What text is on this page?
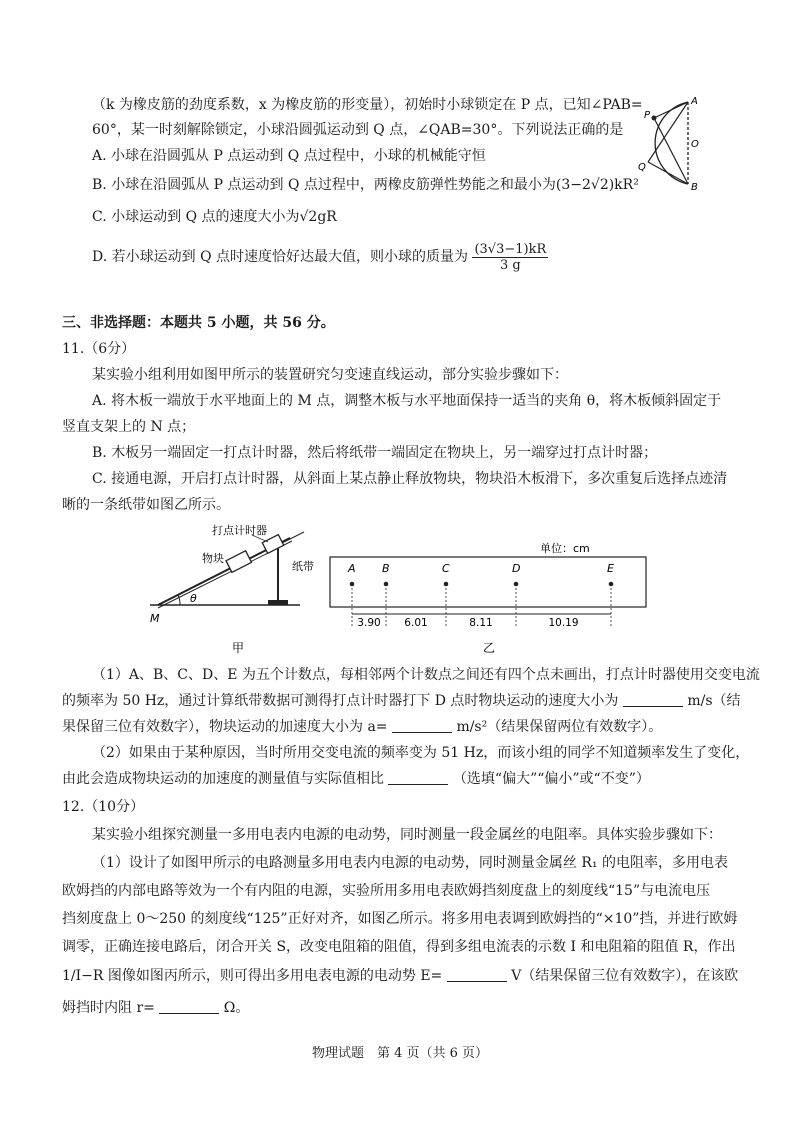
（k 为橡皮筋的劲度系数，x 为橡皮筋的形变量），初始时小球锁定在 P 点，已知∠PAB=
60°，某一时刻解除锁定，小球沿圆弧运动到 Q 点，∠QAB=30°。下列说法正确的是
A. 小球在沿圆弧从 P 点运动到 Q 点过程中，小球的机械能守恒
B. 小球在沿圆弧从 P 点运动到 Q 点过程中，两橡皮筋弹性势能之和最小为(3−2√2)kR²
C. 小球运动到 Q 点的速度大小为√2gR
D. 若小球运动到 Q 点时速度恰好达最大值，则小球的质量为 $\frac{(3√3-1)kR}{3 g}$
A
P
O
Q
B
三、非选择题：本题共 5 小题，共 56 分。
11.（6分）
某实验小组利用如图甲所示的装置研究匀变速直线运动，部分实验步骤如下：
A. 将木板一端放于水平地面上的 M 点，调整木板与水平地面保持一适当的夹角 θ，将木板倾斜固定于
竖直支架上的 N 点；
B. 木板另一端固定一打点计时器，然后将纸带一端固定在物块上，另一端穿过打点计时器；
C. 接通电源，开启打点计时器，从斜面上某点静止释放物块，物块沿木板滑下，多次重复后选择点迹清
晰的一条纸带如图乙所示。
θ
M
打点计时器
物块
纸带
甲
单位：cm
A B	C	D	E
3.90 6.01	8.11	10.19
乙
（1）A、B、C、D、E 为五个计数点，每相邻两个计数点之间还有四个点未画出，打点计时器使用交变电流
的频率为 50 Hz，通过计算纸带数据可测得打点计时器打下 D 点时物块运动的速度大小为	m/s（结
果保留三位有效数字），物块运动的加速度大小为 a=	m/s²（结果保留两位有效数字）。
（2）如果由于某种原因，当时所用交变电流的频率变为 51 Hz，而该小组的同学不知道频率发生了变化，
由此会造成物块运动的加速度的测量值与实际值相比	（选填“偏大”“偏小”或“不变”）
12.（10分）
某实验小组探究测量一多用电表内电源的电动势，同时测量一段金属丝的电阻率。具体实验步骤如下：
（1）设计了如图甲所示的电路测量多用电表内电源的电动势，同时测量金属丝 R₁ 的电阻率，多用电表
欧姆挡的内部电路等效为一个有内阻的电源，实验所用多用电表欧姆挡刻度盘上的刻度线“15”与电流电压
挡刻度盘上 0～250 的刻度线“125”正好对齐，如图乙所示。将多用电表调到欧姆挡的“×10”挡，并进行欧姆
调零，正确连接电路后，闭合开关 S，改变电阻箱的阻值，得到多组电流表的示数 I 和电阻箱的阻值 R，作出
1/I−R 图像如图丙所示，则可得出多用电表电源的电动势 E=	V（结果保留三位有效数字），在该欧
姆挡时内阻 r=	Ω。
物理试题　第 4 页（共 6 页）
